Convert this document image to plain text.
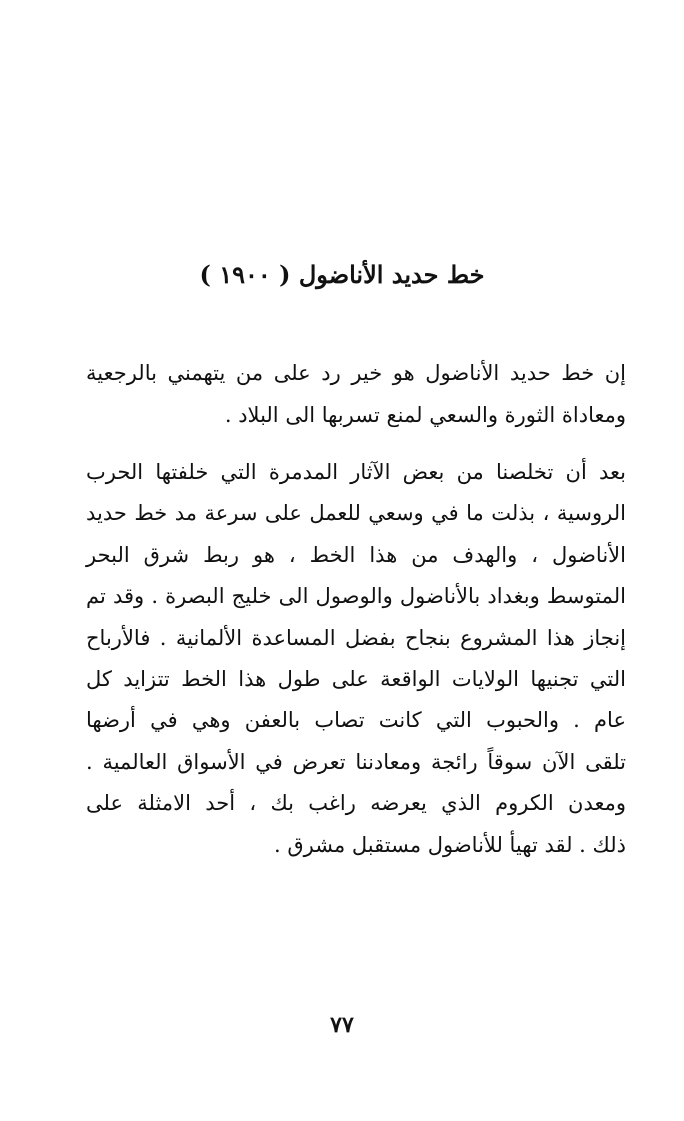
خط حديد الأناضول ( ١٩٠٠ )
إن خط حديد الأناضول هو خير رد على من يتهمني بالرجعية
ومعاداة الثورة والسعي لمنع تسربها الى البلاد .
بعد أن تخلصنا من بعض الآثار المدمرة التي خلفتها الحرب
الروسية ، بذلت ما في وسعي للعمل على سرعة مد خط حديد
الأناضول ، والهدف من هذا الخط ، هو ربط شرق البحر
المتوسط وبغداد بالأناضول والوصول الى خليج البصرة . وقد تم
إنجاز هذا المشروع بنجاح بفضل المساعدة الألمانية . فالأرباح
التي تجنيها الولايات الواقعة على طول هذا الخط تتزايد كل
عام . والحبوب التي كانت تصاب بالعفن وهي في أرضها
تلقى الآن سوقاً رائجة ومعادننا تعرض في الأسواق العالمية .
ومعدن الكروم الذي يعرضه راغب بك ، أحد الامثلة على
ذلك . لقد تهيأ للأناضول مستقبل مشرق .
٧٧
